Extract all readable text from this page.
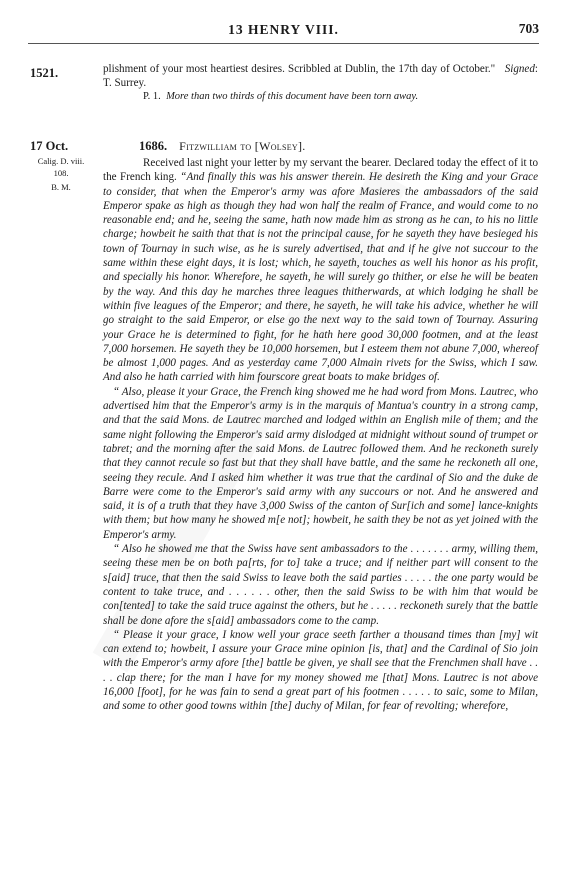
13 HENRY VIII.	703
1521.
17 Oct.
Calig. D. viii.
108.
B. M.

plishment of your most heartiest desires. Scribbled at Dublin, the 17th day of October." Signed: T. Surrey.

P. 1. More than two thirds of this document have been torn away.

1686. Fitzwilliam to [Wolsey].

Received last night your letter by my servant the bearer. Declared today the effect of it to the French king. “And finally this was his answer therein. He desireth the King and your Grace to consider, that when the Emperor's army was afore Masieres the ambassadors of the said Emperor spake as high as though they had won half the realm of France, and would come to no reasonable end; and he, seeing the same, hath now made him as strong as he can, to his no little charge; howbeit he saith that that is not the principal cause, for he sayeth they have besieged his town of Tournay in such wise, as he is surely advertised, that and if he give not succour to the same within these eight days, it is lost; which, he sayeth, touches as well his honor as his profit, and specially his honor. Wherefore, he sayeth, he will surely go thither, or else he will be beaten by the way. And this day he marches three leagues thitherwards, at which lodging he shall be within five leagues of the Emperor; and there, he sayeth, he will take his advice, whether he will go straight to the said Emperor, or else go the next way to the said town of Tournay. Assuring your Grace he is determined to fight, for he hath here good 30,000 footmen, and at the least 7,000 horsemen. He sayeth they be 10,000 horsemen, but I esteem them not abune 7,000, whereof be almost 1,000 pages. And as yesterday came 7,000 Almain rivets for the Swiss, which I saw. And also he hath carried with him fourscore great boats to make bridges of.

“ Also, please it your Grace, the French king showed me he had word from Mons. Lautrec, who advertised him that the Emperor's army is in the marquis of Mantua's country in a strong camp, and that the said Mons. de Lautrec marched and lodged within an English mile of them; and the same night following the Emperor's said army dislodged at midnight without sound of trumpet or tabret; and the morning after the said Mons. de Lautrec followed them. And he reckoneth surely that they cannot recule so fast but that they shall have battle, and the same he reckoneth all one, seeing they recule. And I asked him whether it was true that the cardinal of Sio and the duke de Barre were come to the Emperor's said army with any succours or not. And he answered and said, it is of a truth that they have 3,000 Swiss of the canton of Sur[ich and some] lance-knights with them; but how many he showed m[e not]; howbeit, he saith they be not as yet joined with the Emperor's army.

“ Also he showed me that the Swiss have sent ambassadors to the . . . . . . . army, willing them, seeing these men be on both pa[rts, for to] take a truce; and if neither part will consent to the s[aid] truce, that then the said Swiss to leave both the said parties . . . . . the one party would be content to take truce, and . . . . . . other, then the said Swiss to be with him that would be con[tented] to take the said truce against the others, but he . . . . . reckoneth surely that the battle shall be done afore the s[aid] ambassadors come to the camp.

“ Please it your grace, I know well your grace seeth farther a thousand times than [my] wit can extend to; howbeit, I assure your Grace mine opinion [is, that] and the Cardinal of Sio join with the Emperor's army afore [the] battle be given, ye shall see that the Frenchmen shall have . . . . clap there; for the man I have for my money showed me [that] Mons. Lautrec is not above 16,000 [foot], for he was fain to send a great part of his footmen . . . . . to saic, some to Milan, and some to other good towns within [the] duchy of Milan, for fear of revolting; wherefore,
